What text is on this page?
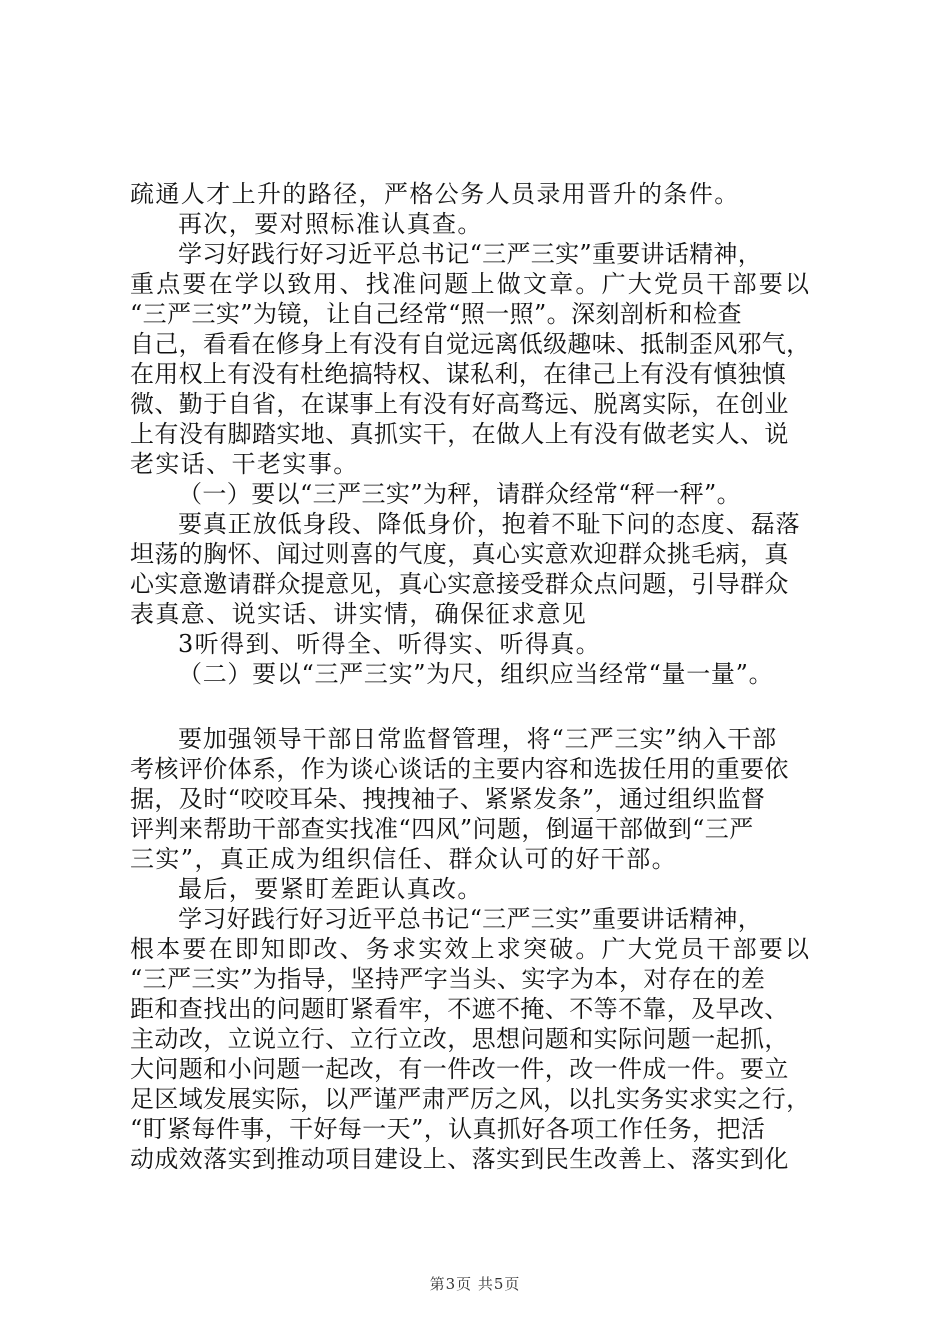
疏通人才上升的路径，严格公务人员录用晋升的条件。
再次，要对照标准认真查。
学习好践行好习近平总书记“三严三实”重要讲话精神，
重点要在学以致用、找准问题上做文章。广大党员干部要以
“三严三实”为镜，让自己经常“照一照”。深刻剖析和检查
自己，看看在修身上有没有自觉远离低级趣味、抵制歪风邪气，
在用权上有没有杜绝搞特权、谋私利，在律己上有没有慎独慎
微、勤于自省，在谋事上有没有好高骛远、脱离实际，在创业
上有没有脚踏实地、真抓实干，在做人上有没有做老实人、说
老实话、干老实事。
（一）要以“三严三实”为秤，请群众经常“秤一秤”。
要真正放低身段、降低身价，抱着不耻下问的态度、磊落
坦荡的胸怀、闻过则喜的气度，真心实意欢迎群众挑毛病，真
心实意邀请群众提意见，真心实意接受群众点问题，引导群众
表真意、说实话、讲实情，确保征求意见
3听得到、听得全、听得实、听得真。
（二）要以“三严三实”为尺，组织应当经常“量一量”。
要加强领导干部日常监督管理，将“三严三实”纳入干部
考核评价体系，作为谈心谈话的主要内容和选拔任用的重要依
据，及时“咬咬耳朵、拽拽袖子、紧紧发条”，通过组织监督
评判来帮助干部查实找准“四风”问题，倒逼干部做到“三严
三实”，真正成为组织信任、群众认可的好干部。
最后，要紧盯差距认真改。
学习好践行好习近平总书记“三严三实”重要讲话精神，
根本要在即知即改、务求实效上求突破。广大党员干部要以
“三严三实”为指导，坚持严字当头、实字为本，对存在的差
距和查找出的问题盯紧看牢，不遮不掩、不等不靠，及早改、
主动改，立说立行、立行立改，思想问题和实际问题一起抓，
大问题和小问题一起改，有一件改一件，改一件成一件。要立
足区域发展实际，以严谨严肃严厉之风，以扎实务实求实之行，
“盯紧每件事，干好每一天”，认真抓好各项工作任务，把活
动成效落实到推动项目建设上、落实到民生改善上、落实到化
第3页 共5页
